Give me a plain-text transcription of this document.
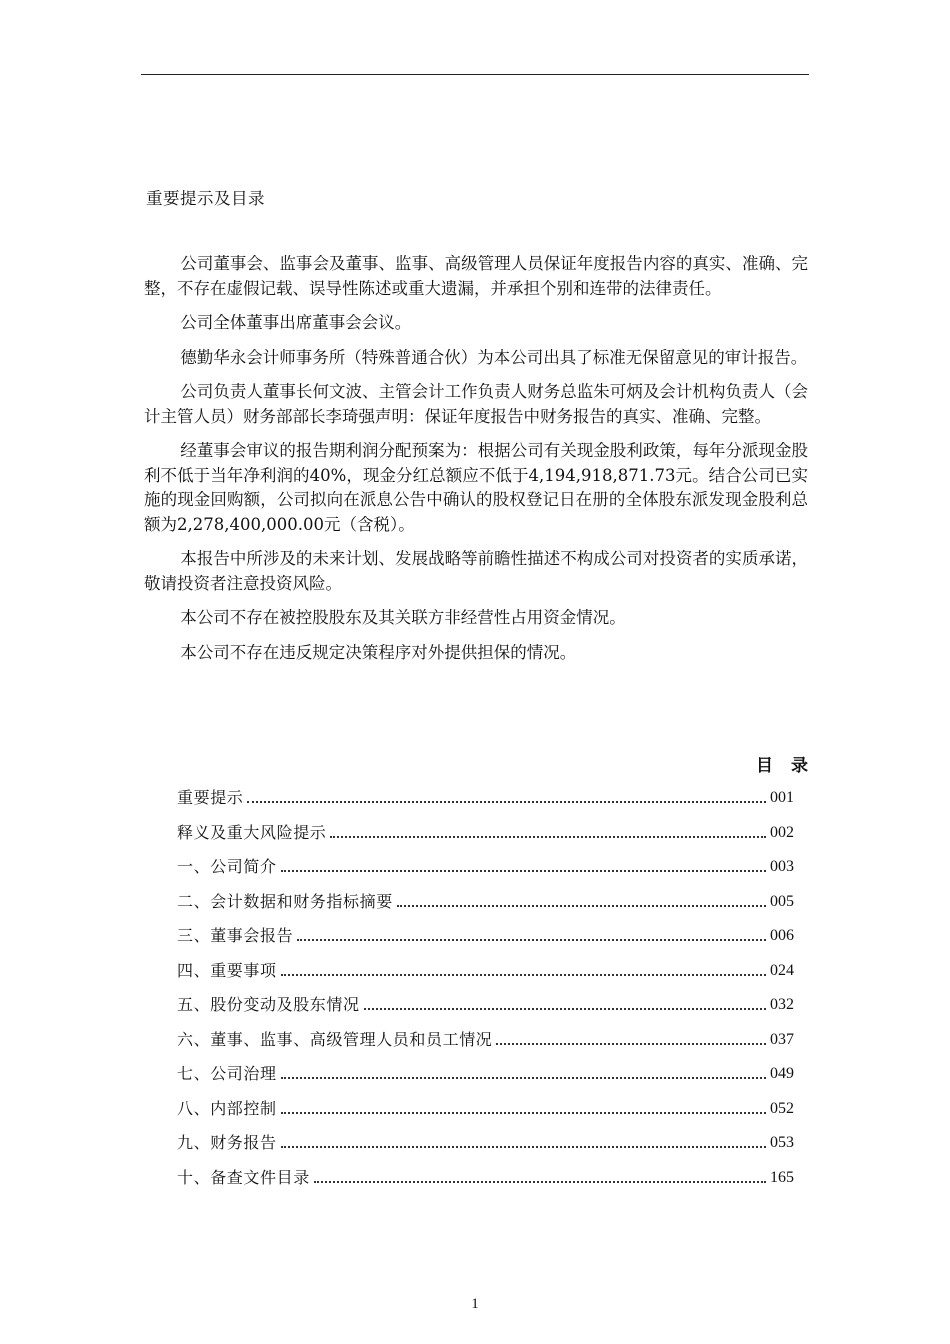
重要提示及目录

公司董事会、监事会及董事、监事、高级管理人员保证年度报告内容的真实、准确、完整，不存在虚假记载、误导性陈述或重大遗漏，并承担个别和连带的法律责任。

公司全体董事出席董事会会议。

德勤华永会计师事务所（特殊普通合伙）为本公司出具了标准无保留意见的审计报告。

公司负责人董事长何文波、主管会计工作负责人财务总监朱可炳及会计机构负责人（会计主管人员）财务部部长李琦强声明：保证年度报告中财务报告的真实、准确、完整。

经董事会审议的报告期利润分配预案为：根据公司有关现金股利政策，每年分派现金股利不低于当年净利润的40%，现金分红总额应不低于4,194,918,871.73元。结合公司已实施的现金回购额，公司拟向在派息公告中确认的股权登记日在册的全体股东派发现金股利总额为2,278,400,000.00元（含税）。

本报告中所涉及的未来计划、发展战略等前瞻性描述不构成公司对投资者的实质承诺，敬请投资者注意投资风险。

本公司不存在被控股股东及其关联方非经营性占用资金情况。

本公司不存在违反规定决策程序对外提供担保的情况。

目录
重要提示	001
释义及重大风险提示	002
一、公司简介	003
二、会计数据和财务指标摘要	005
三、董事会报告	006
四、重要事项	024
五、股份变动及股东情况	032
六、董事、监事、高级管理人员和员工情况	037
七、公司治理	049
八、内部控制	052
九、财务报告	053
十、备查文件目录	165
1
